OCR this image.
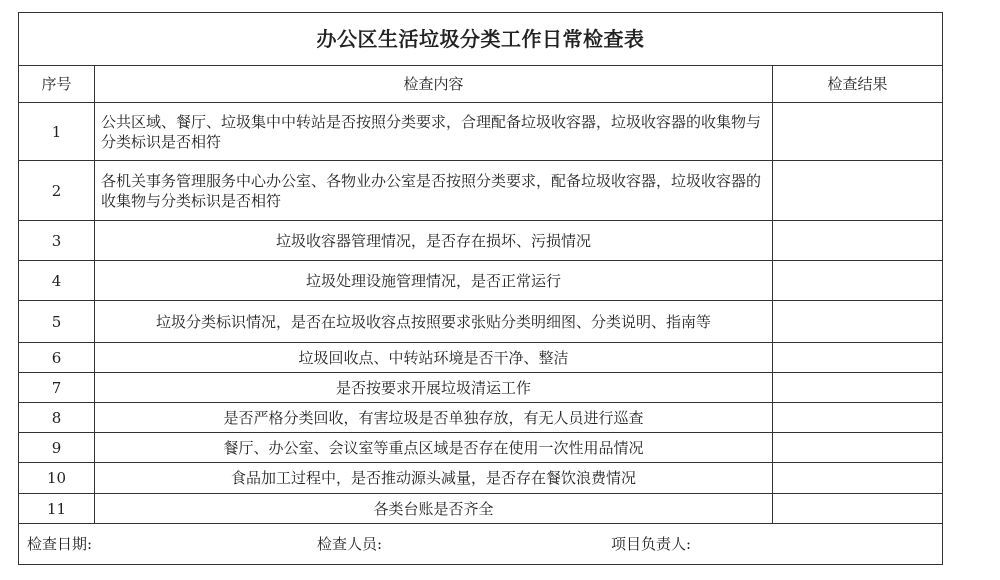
办公区生活垃圾分类工作日常检查表		
序号	检查内容	检查结果
1	公共区域、餐厅、垃圾集中中转站是否按照分类要求，合理配备垃圾收容器，垃圾收容器的收集物与分类标识是否相符	
2	各机关事务管理服务中心办公室、各物业办公室是否按照分类要求，配备垃圾收容器，垃圾收容器的收集物与分类标识是否相符	
3	垃圾收容器管理情况，是否存在损坏、污损情况	
4	垃圾处理设施管理情况，是否正常运行	
5	垃圾分类标识情况，是否在垃圾收容点按照要求张贴分类明细图、分类说明、指南等	
6	垃圾回收点、中转站环境是否干净、整洁	
7	是否按要求开展垃圾清运工作	
8	是否严格分类回收，有害垃圾是否单独存放，有无人员进行巡查	
9	餐厅、办公室、会议室等重点区域是否存在使用一次性用品情况	
10	食品加工过程中，是否推动源头减量，是否存在餐饮浪费情况	
11	各类台账是否齐全	

检查日期: 检查人员: 项目负责人:		
